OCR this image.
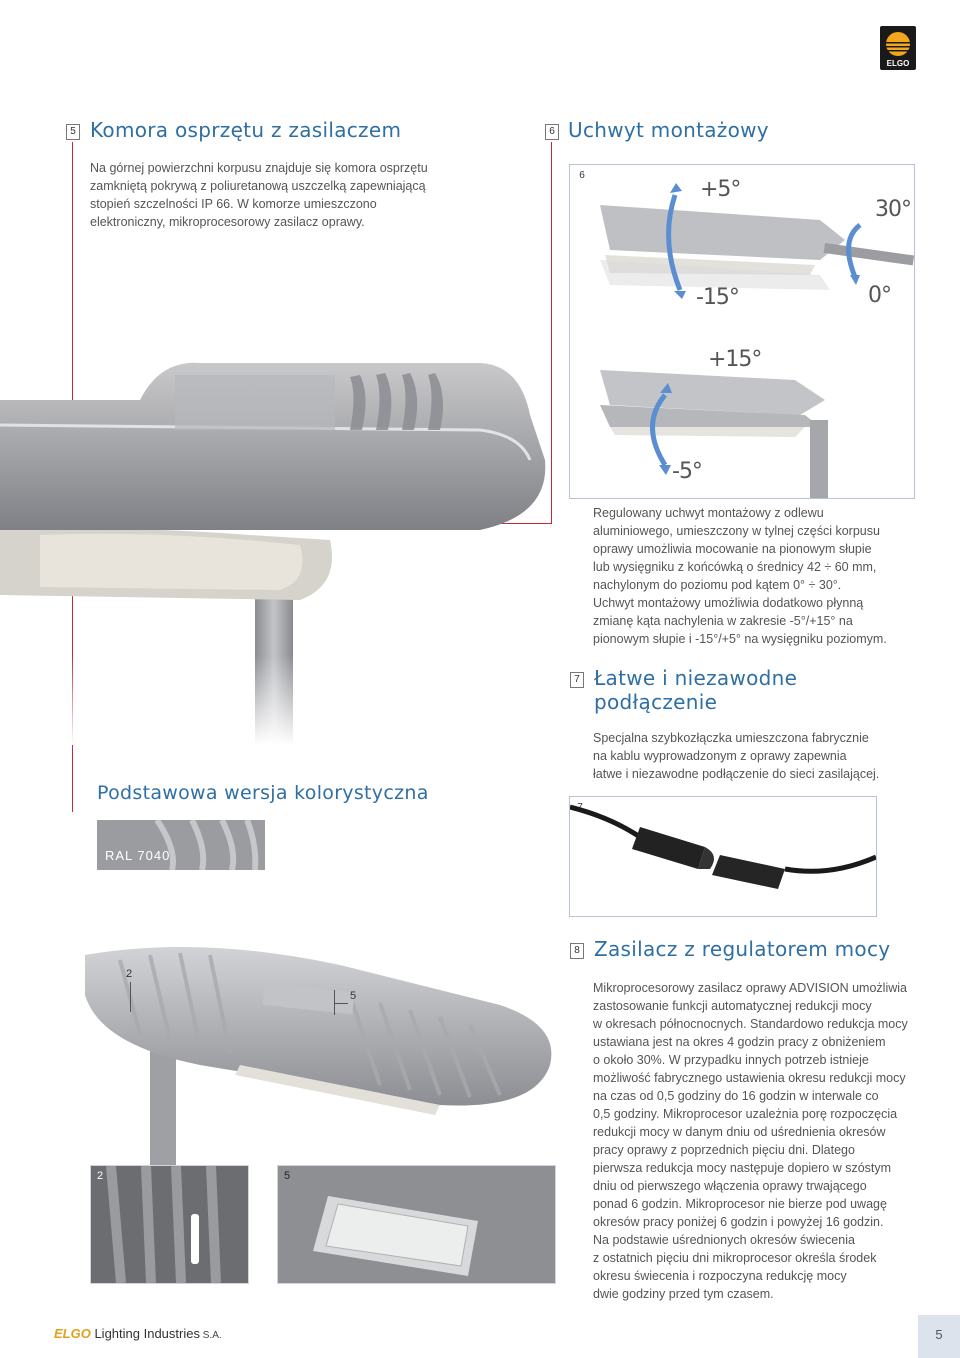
ELGO
5 Komora osprzętu z zasilaczem
Na górnej powierzchni korpusu znajduje się komora osprzętu
zamkniętą pokrywą z poliuretanową uszczelką zapewniającą
stopień szczelności IP 66. W komorze umieszczono
elektroniczny, mikroprocesorowy zasilacz oprawy.
6 Uchwyt montażowy
6
+5°
-15°
30°
0°
+15°
-5°
Regulowany uchwyt montażowy z odlewu
aluminiowego, umieszczony w tylnej części korpusu
oprawy umożliwia mocowanie na pionowym słupie
lub wysięgniku z końcówką o średnicy 42 ÷ 60 mm,
nachylonym do poziomu pod kątem 0° ÷ 30°.
Uchwyt montażowy umożliwia dodatkowo płynną
zmianę kąta nachylenia w zakresie -5°/+15° na
pionowym słupie i -15°/+5° na wysięgniku poziomym.
7 Łatwe i niezawodne
podłączenie
Specjalna szybkozłączka umieszczona fabrycznie
na kablu wyprowadzonym z oprawy zapewnia
łatwe i niezawodne podłączenie do sieci zasilającej.
7
Podstawowa wersja kolorystyczna
RAL 7040
8 Zasilacz z regulatorem mocy
Mikroprocesorowy zasilacz oprawy ADVISION umożliwia
zastosowanie funkcji automatycznej redukcji mocy
w okresach północnocnych. Standardowo redukcja mocy
ustawiana jest na okres 4 godzin pracy z obniżeniem
o około 30%. W przypadku innych potrzeb istnieje
możliwość fabrycznego ustawienia okresu redukcji mocy
na czas od 0,5 godziny do 16 godzin w interwale co
0,5 godziny. Mikroprocesor uzależnia porę rozpoczęcia
redukcji mocy w danym dniu od uśrednienia okresów
pracy oprawy z poprzednich pięciu dni. Dlatego
pierwsza redukcja mocy następuje dopiero w szóstym
dniu od pierwszego włączenia oprawy trwającego
ponad 6 godzin. Mikroprocesor nie bierze pod uwagę
okresów pracy poniżej 6 godzin i powyżej 16 godzin.
Na podstawie uśrednionych okresów świecenia
z ostatnich pięciu dni mikroprocesor określa środek
okresu świecenia i rozpoczyna redukcję mocy
dwie godziny przed tym czasem.
2
5
2	5
ELGO Lighting Industries S.A.	5
